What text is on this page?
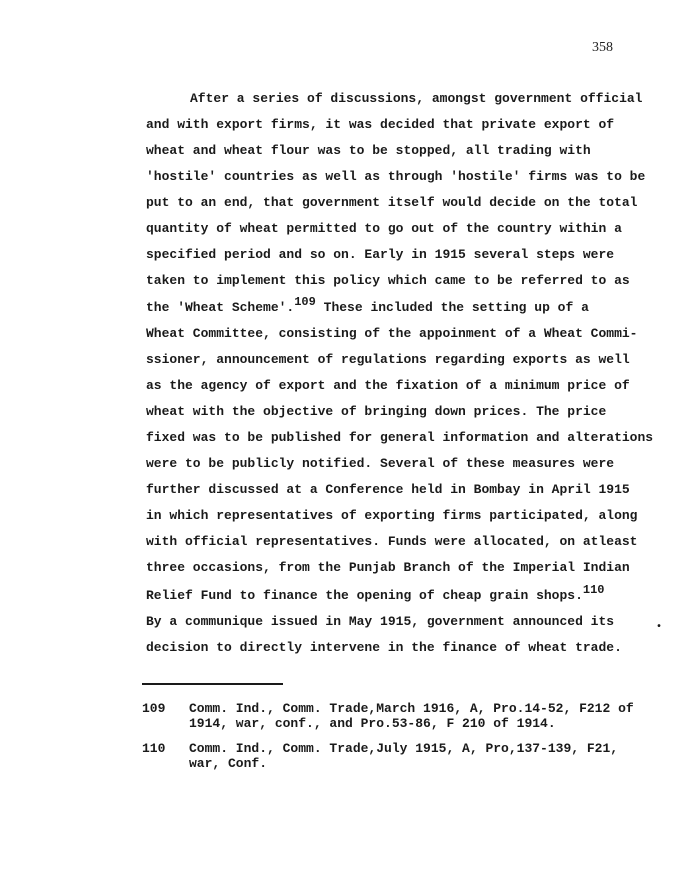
358
After a series of discussions, amongst government official
and with export firms, it was decided that private export of
wheat and wheat flour was to be stopped, all trading with
'hostile' countries as well as through 'hostile' firms was to be
put to an end, that government itself would decide on the total
quantity of wheat permitted to go out of the country within a
specified period and so on. Early in 1915 several steps were
taken to implement this policy which came to be referred to as
the 'Wheat Scheme'.$^{109}$ These included the setting up of a
Wheat Committee, consisting of the appoinment of a Wheat Commi-
ssioner, announcement of regulations regarding exports as well
as the agency of export and the fixation of a minimum price of
wheat with the objective of bringing down prices. The price
fixed was to be published for general information and alterations
were to be publicly notified. Several of these measures were
further discussed at a Conference held in Bombay in April 1915
in which representatives of exporting firms participated, along
with official representatives. Funds were allocated, on atleast
three occasions, from the Punjab Branch of the Imperial Indian
Relief Fund to finance the opening of cheap grain shops.$^{110}$
By a communique issued in May 1915, government announced its
decision to directly intervene in the finance of wheat trade.
•
109 Comm. Ind., Comm. Trade,March 1916, A, Pro.14-52, F212 of
1914, war, conf., and Pro.53-86, F 210 of 1914.
110 Comm. Ind., Comm. Trade,July 1915, A, Pro,137-139, F21,
war, Conf.
